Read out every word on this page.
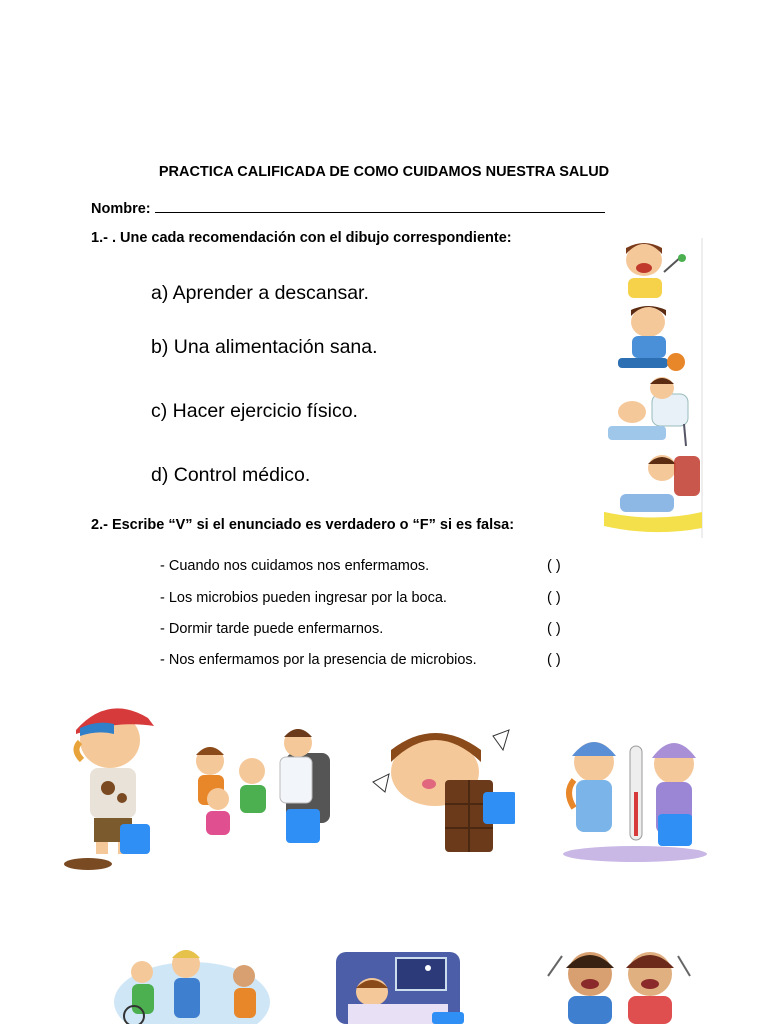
PRACTICA CALIFICADA DE COMO CUIDAMOS NUESTRA SALUD
Nombre:
1.- . Une cada recomendación con el dibujo correspondiente:
a) Aprender a descansar.
b) Una alimentación sana.
c) Hacer ejercicio físico.
d) Control médico.
2.- Escribe “V” si el enunciado es verdadero o “F” si es falsa:
- Cuando nos cuidamos nos enfermamos.	( )
- Los microbios pueden ingresar por la boca.	( )
- Dormir tarde puede enfermarnos.	( )
- Nos enfermamos por la presencia de microbios.	( )
